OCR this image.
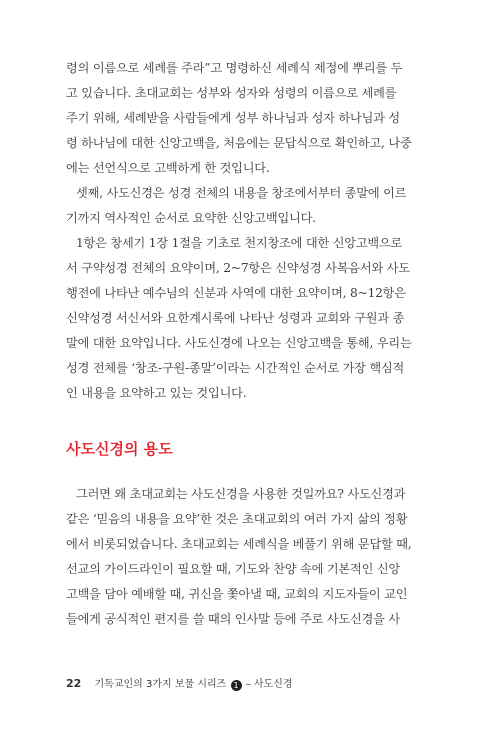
령의 이름으로 세례를 주라”고 명령하신 세례식 제정에 뿌리를 두
고 있습니다. 초대교회는 성부와 성자와 성령의 이름으로 세례를
주기 위해, 세례받을 사람들에게 성부 하나님과 성자 하나님과 성
령 하나님에 대한 신앙고백을, 처음에는 문답식으로 확인하고, 나중
에는 선언식으로 고백하게 한 것입니다.
셋째, 사도신경은 성경 전체의 내용을 창조에서부터 종말에 이르
기까지 역사적인 순서로 요약한 신앙고백입니다.
1항은 창세기 1장 1절을 기초로 천지창조에 대한 신앙고백으로
서 구약성경 전체의 요약이며, 2~7항은 신약성경 사복음서와 사도
행전에 나타난 예수님의 신분과 사역에 대한 요약이며, 8~12항은
신약성경 서신서와 요한계시록에 나타난 성령과 교회와 구원과 종
말에 대한 요약입니다. 사도신경에 나오는 신앙고백을 통해, 우리는
성경 전체를 ‘창조-구원-종말’이라는 시간적인 순서로 가장 핵심적
인 내용을 요약하고 있는 것입니다.
사도신경의 용도
그러면 왜 초대교회는 사도신경을 사용한 것일까요? 사도신경과
같은 ‘믿음의 내용을 요약’한 것은 초대교회의 여러 가지 삶의 정황
에서 비롯되었습니다. 초대교회는 세례식을 베풀기 위해 문답할 때,
선교의 가이드라인이 필요할 때, 기도와 찬양 속에 기본적인 신앙
고백을 담아 예배할 때, 귀신을 쫓아낼 때, 교회의 지도자들이 교인
들에게 공식적인 편지를 쓸 때의 인사말 등에 주로 사도신경을 사
22 기독교인의 3가지 보물 시리즈 1 – 사도신경
